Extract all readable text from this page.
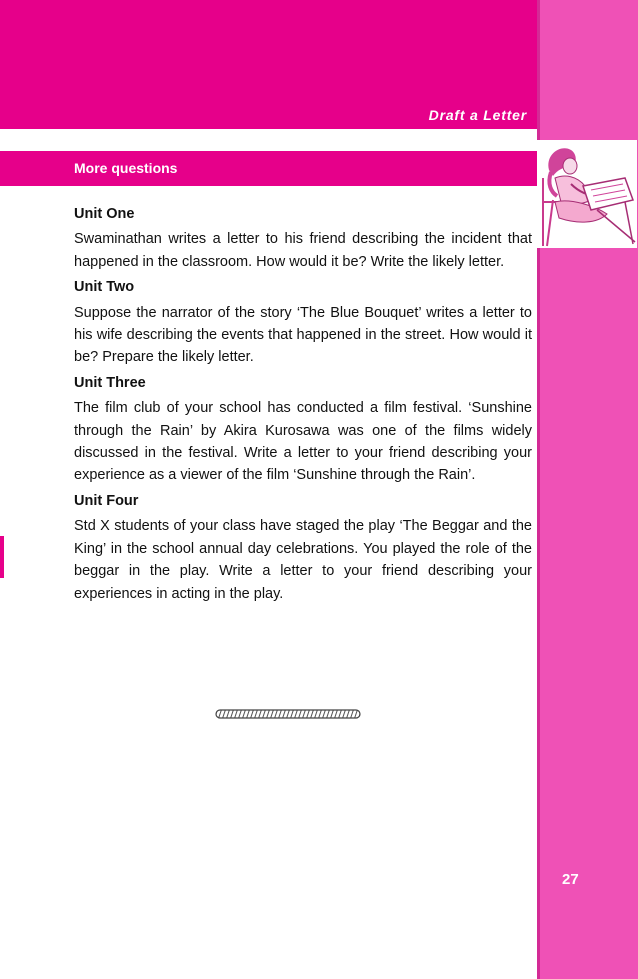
Draft a Letter
More questions
Unit One
Swaminathan writes a letter to his friend describing the incident that happened in the classroom. How would it be? Write the likely letter.
Unit Two
Suppose the narrator of the story ‘The Blue Bouquet’ writes a letter to his wife describing the events that happened in the street. How would it be? Prepare the likely letter.
Unit Three
The film club of your school has conducted a film festival. ‘Sunshine through the Rain’ by Akira Kurosawa was one of the films widely discussed in the festival. Write a letter to your friend describing your experience as a viewer of the film ‘Sunshine through the Rain’.
Unit Four
Std X students of your class have staged the play ‘The Beggar and the King’ in the school annual day celebrations. You played the role of the beggar in the play. Write a letter to your friend describing your experiences in acting in the play.
27
